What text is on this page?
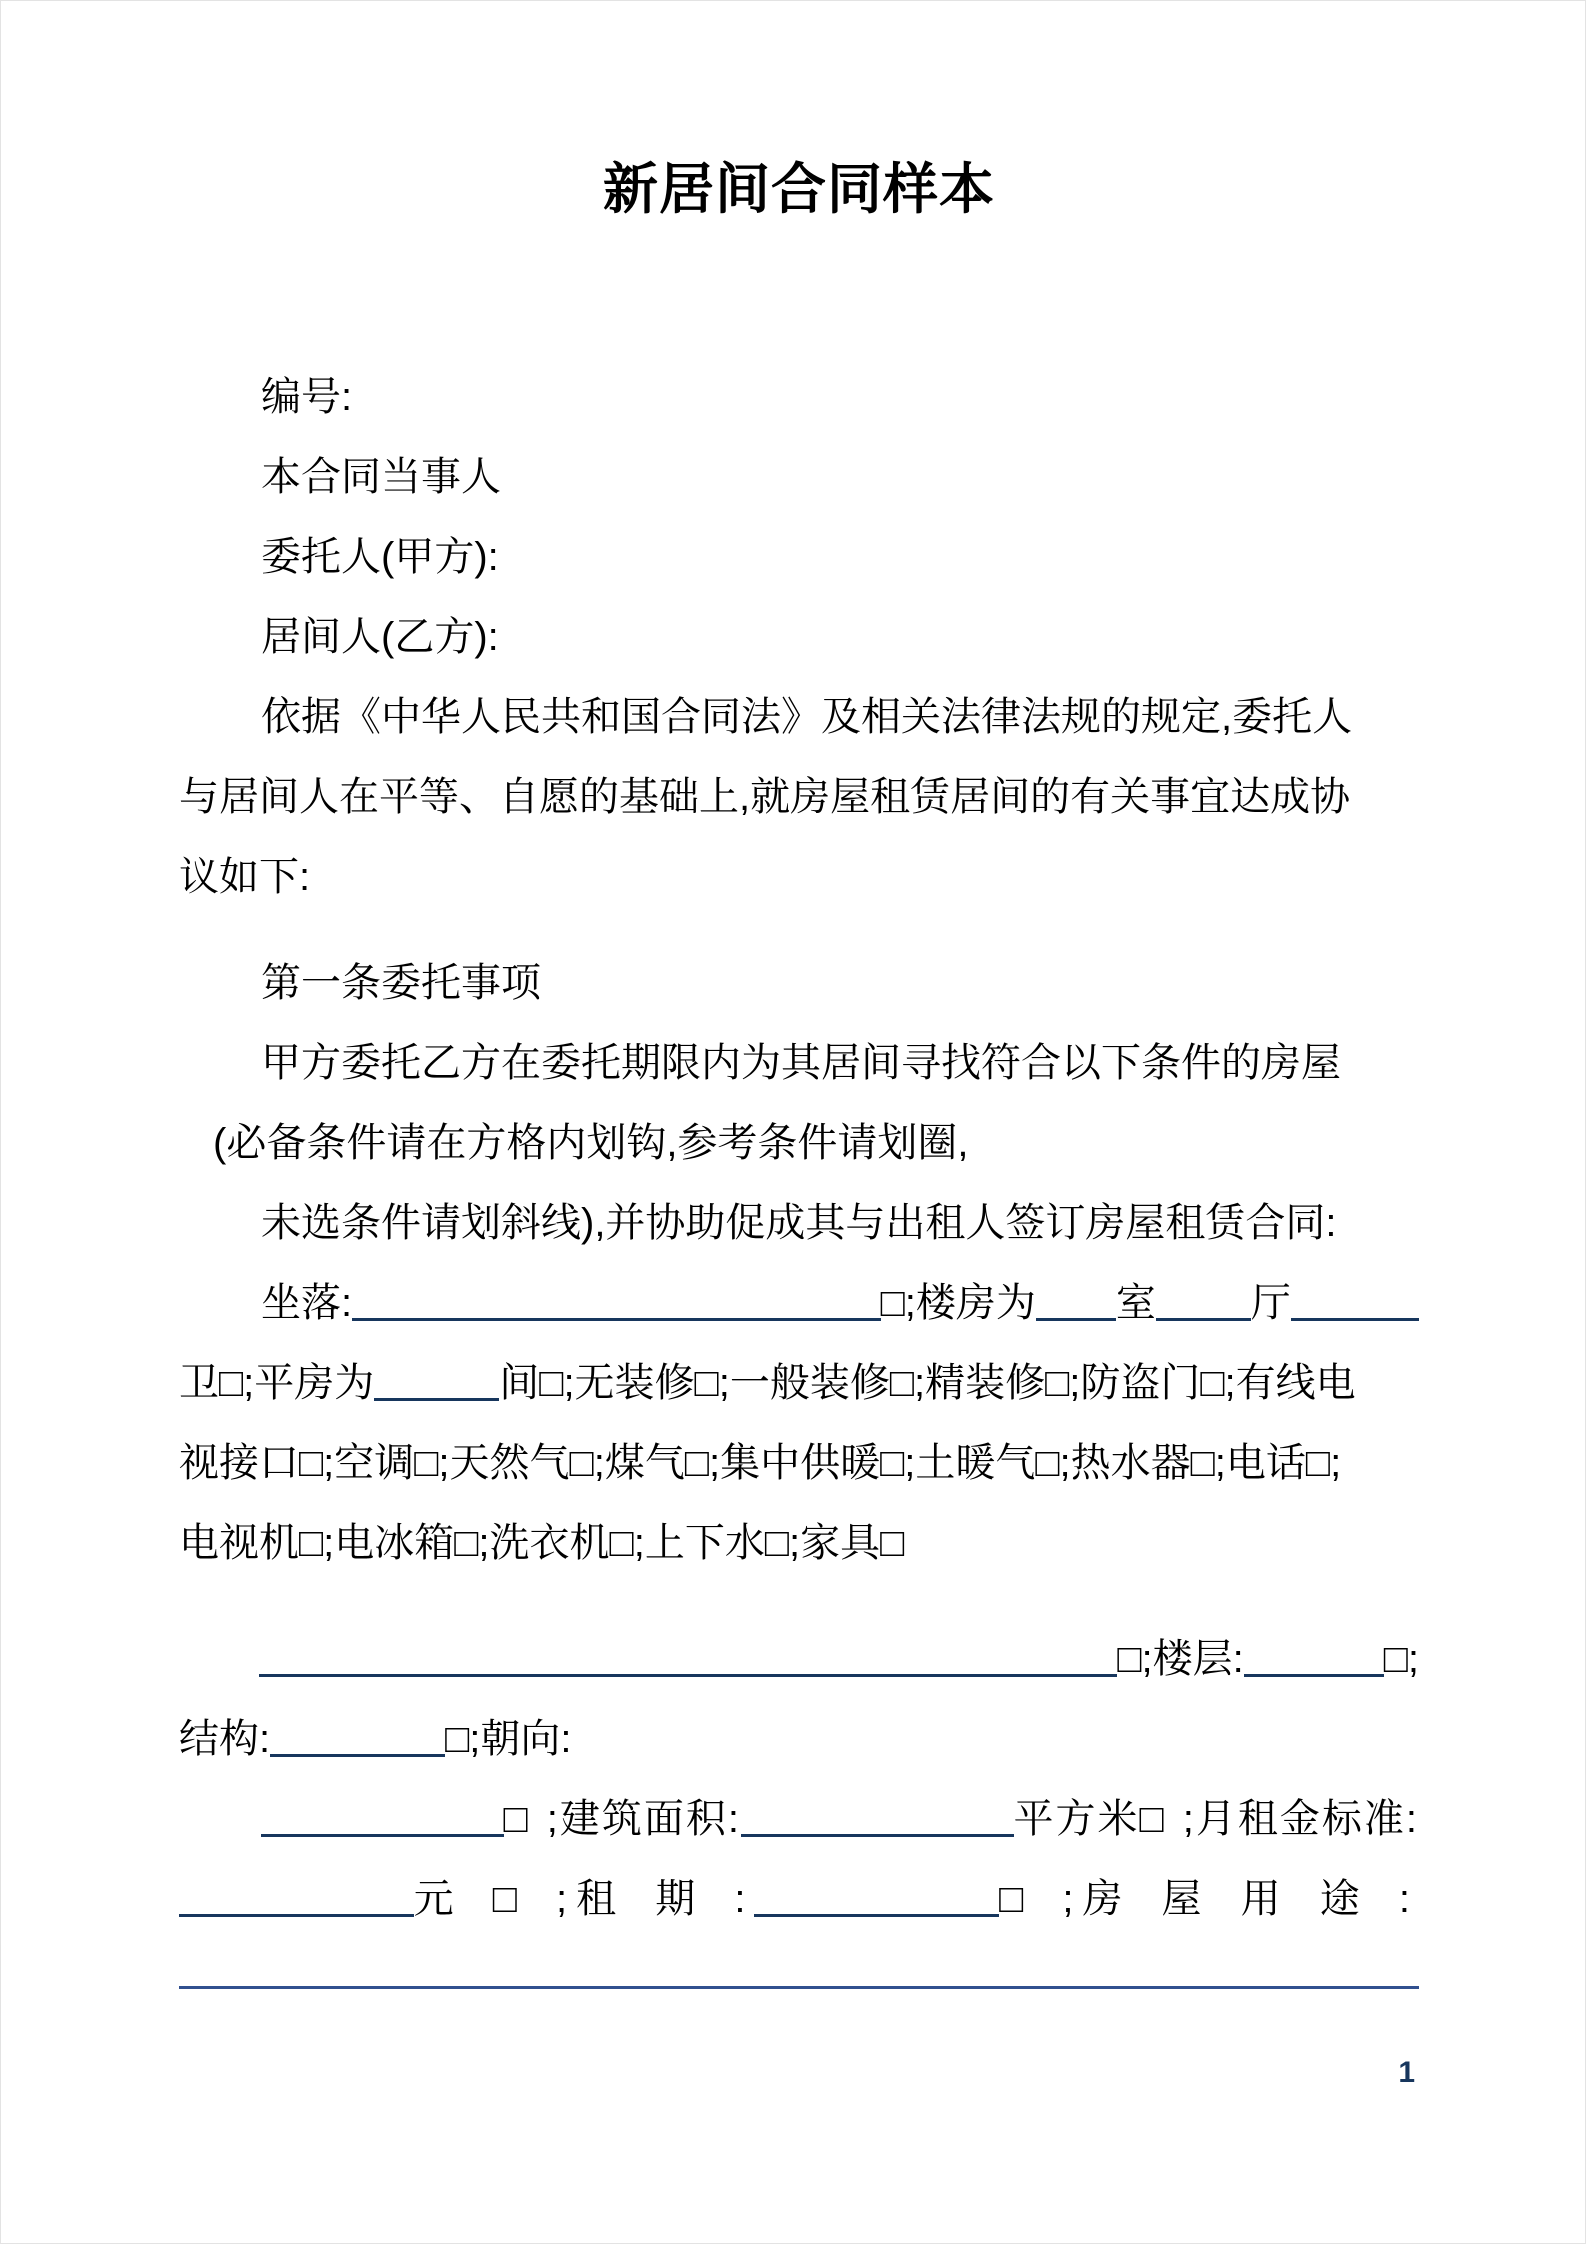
新居间合同样本
编号:
本合同当事人
委托人(甲方):
居间人(乙方):
依据《中华人民共和国合同法》及相关法律法规的规定,委托人
与居间人在平等、自愿的基础上,就房屋租赁居间的有关事宜达成协
议如下:
第一条委托事项
甲方委托乙方在委托期限内为其居间寻找符合以下条件的房屋
(必备条件请在方格内划钩,参考条件请划圈,
未选条件请划斜线),并协助促成其与出租人签订房屋租赁合同:
坐落:	□;楼房为 室 厅
卫□;平房为	间□;无装修□;一般装修□;精装修□;防盗门□;有线电
视接口□;空调□;天然气□;煤气□;集中供暖□;土暖气□;热水器□;电话□;
电视机□;电冰箱□;洗衣机□;上下水□;家具□
□;楼层:	□;
结构:	□;朝向:
□ ;建筑面积:	平方米□ ;月租金标准:
元 □ ;租 期 :	□ ;房 屋 用 途 :
1
